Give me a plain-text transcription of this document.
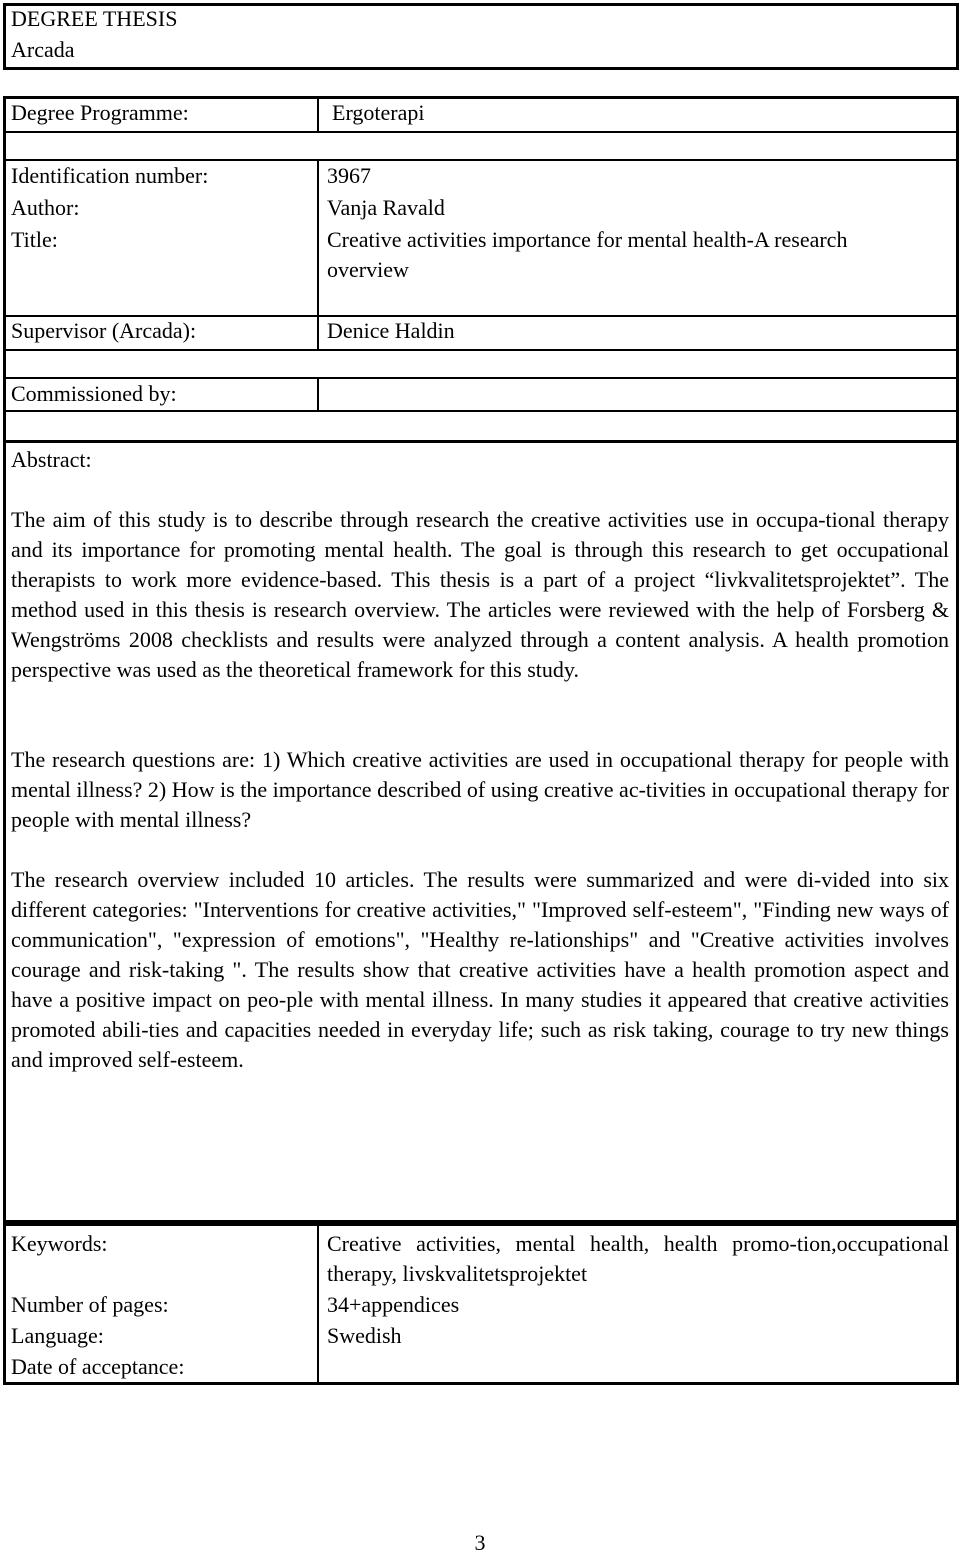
DEGREE THESIS
Arcada
Degree Programme:	Ergoterapi
Identification number:	3967
Author:	Vanja Ravald
Title:	Creative activities importance for mental health-A research
overview
Supervisor (Arcada):	Denice Haldin
Commissioned by:
Abstract:

The aim of this study is to describe through research the creative activities use in occupa-tional therapy and its importance for promoting mental health. The goal is through this research to get occupational therapists to work more evidence-based. This thesis is a part of a project “livkvalitetsprojektet”. The method used in this thesis is research overview. The articles were reviewed with the help of Forsberg & Wengströms 2008 checklists and results were analyzed through a content analysis. A health promotion perspective was used as the theoretical framework for this study.

The research questions are: 1) Which creative activities are used in occupational therapy for people with mental illness? 2) How is the importance described of using creative ac-tivities in occupational therapy for people with mental illness?

The research overview included 10 articles. The results were summarized and were di-vided into six different categories: "Interventions for creative activities," "Improved self-esteem", "Finding new ways of communication", "expression of emotions", "Healthy re-lationships" and "Creative activities involves courage and risk-taking ". The results show that creative activities have a health promotion aspect and have a positive impact on peo-ple with mental illness. In many studies it appeared that creative activities promoted abili-ties and capacities needed in everyday life; such as risk taking, courage to try new things and improved self-esteem.

Keywords:	Creative activities, mental health, health promo-tion,occupational therapy, livskvalitetsprojektet

Number of pages:	34+appendices
Language:	Swedish
Date of acceptance:
3
